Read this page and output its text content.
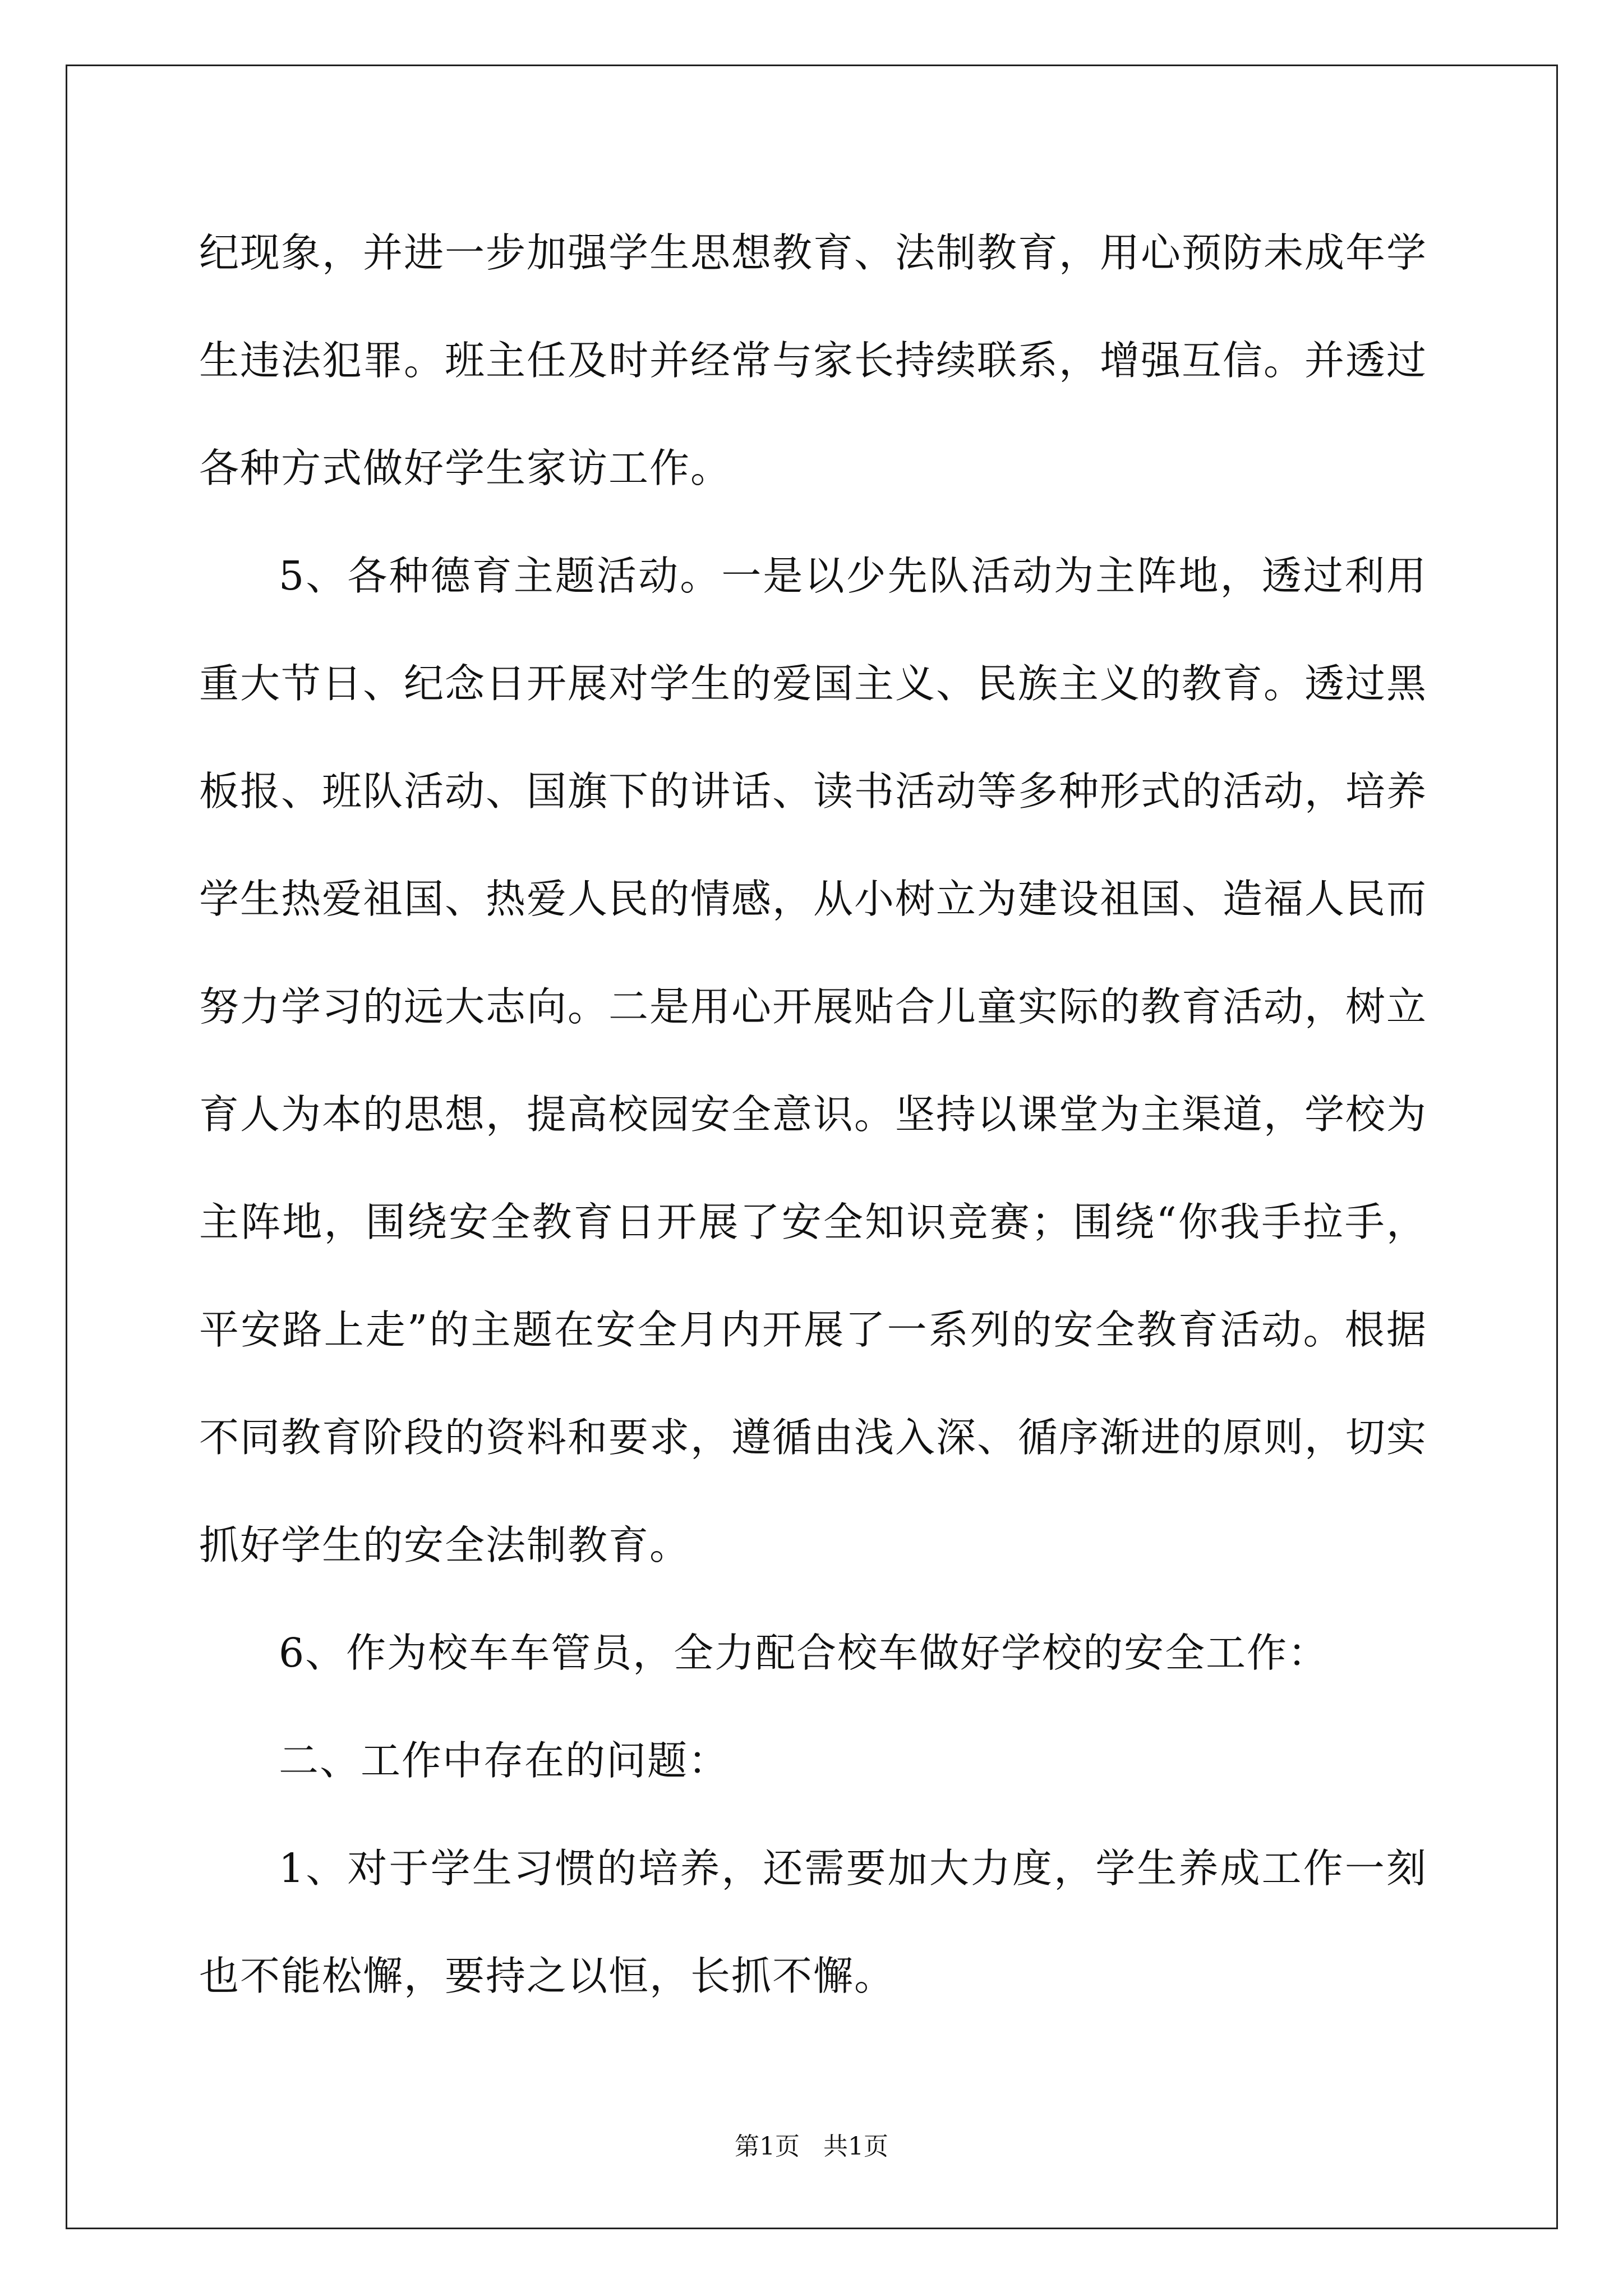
纪现象，并进一步加强学生思想教育、法制教育，用心预防未成年学生违法犯罪。班主任及时并经常与家长持续联系，增强互信。并透过各种方式做好学生家访工作。

5、各种德育主题活动。一是以少先队活动为主阵地，透过利用重大节日、纪念日开展对学生的爱国主义、民族主义的教育。透过黑板报、班队活动、国旗下的讲话、读书活动等多种形式的活动，培养学生热爱祖国、热爱人民的情感，从小树立为建设祖国、造福人民而努力学习的远大志向。二是用心开展贴合儿童实际的教育活动，树立育人为本的思想，提高校园安全意识。坚持以课堂为主渠道，学校为主阵地，围绕安全教育日开展了安全知识竞赛；围绕“你我手拉手，平安路上走”的主题在安全月内开展了一系列的安全教育活动。根据不同教育阶段的资料和要求，遵循由浅入深、循序渐进的原则，切实抓好学生的安全法制教育。

6、作为校车车管员，全力配合校车做好学校的安全工作：

二、工作中存在的问题：

1、对于学生习惯的培养，还需要加大力度，学生养成工作一刻也不能松懈，要持之以恒，长抓不懈。

第1页 共1页
